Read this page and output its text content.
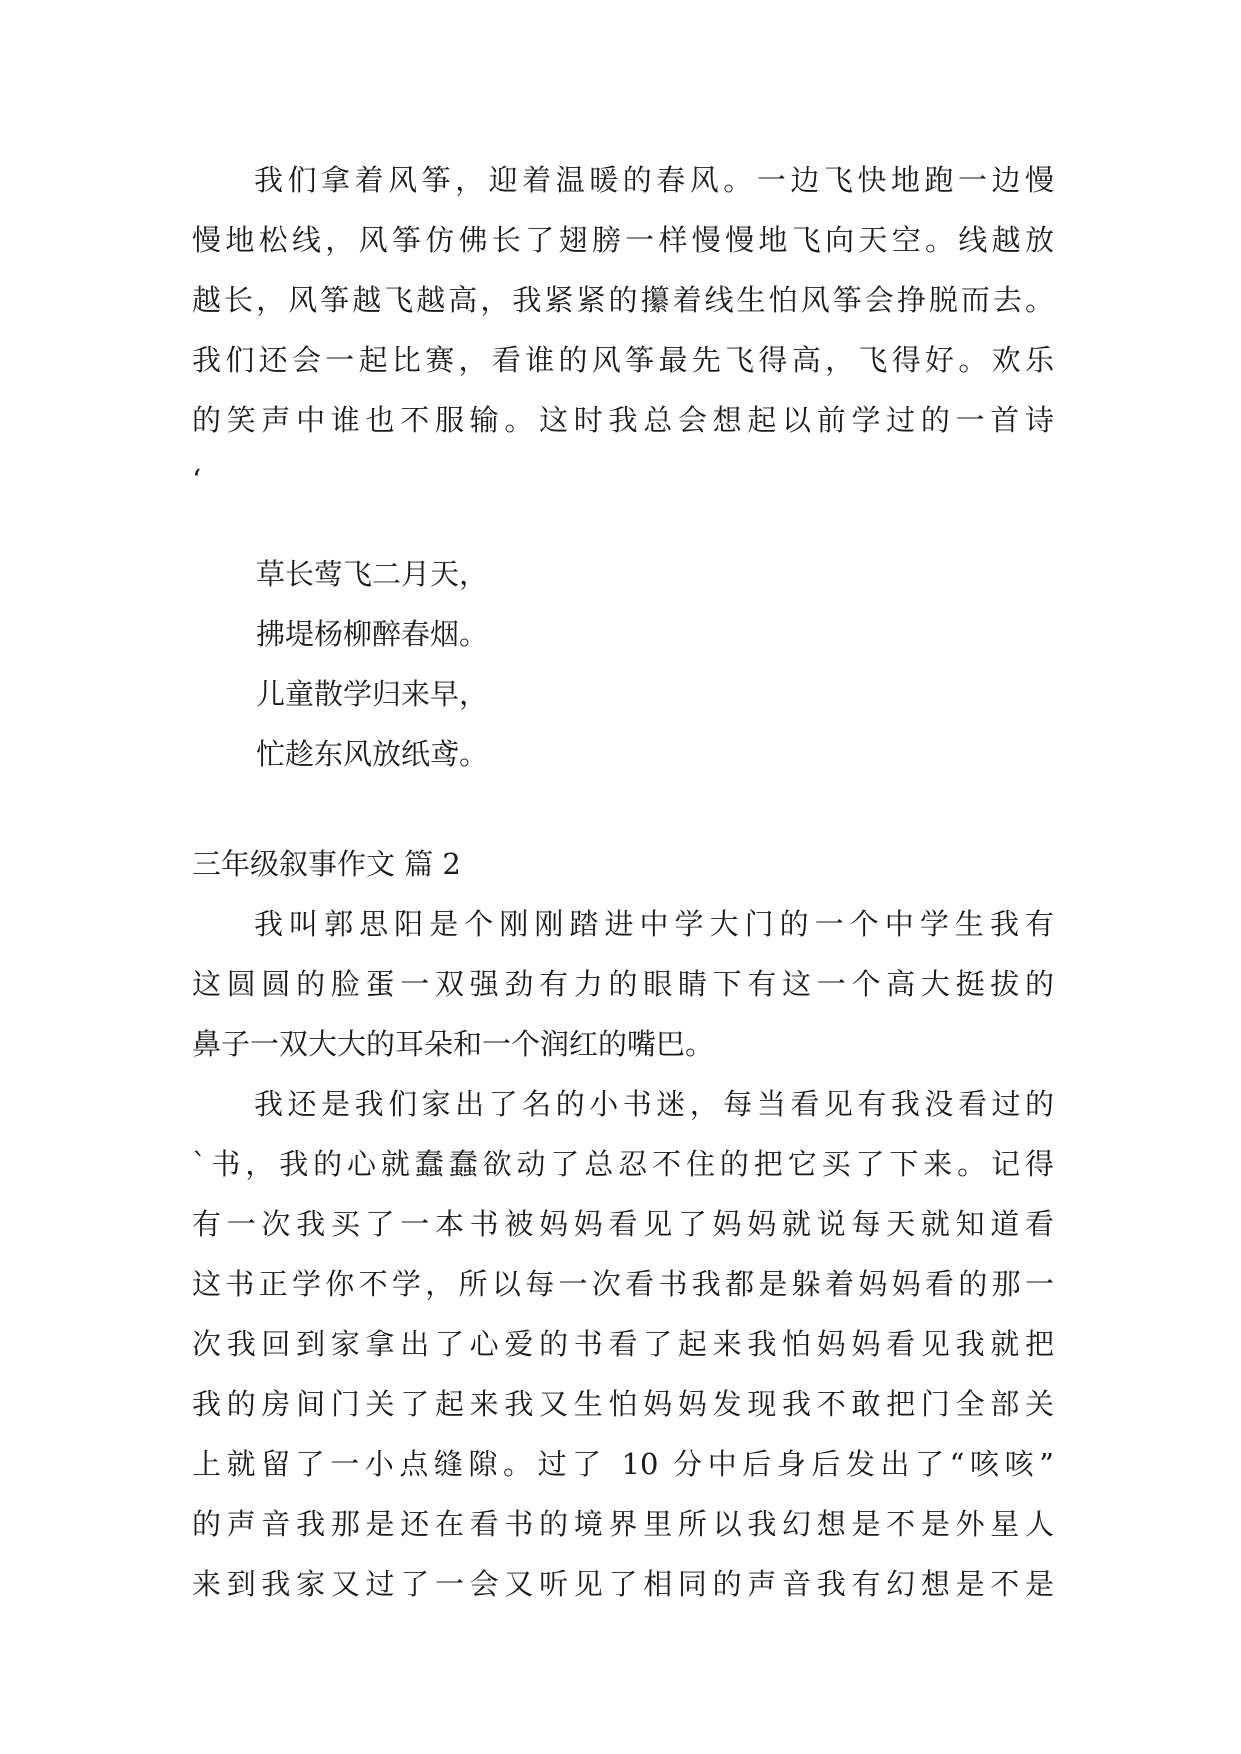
我们拿着风筝，迎着温暖的春风。一边飞快地跑一边慢
慢地松线，风筝仿佛长了翅膀一样慢慢地飞向天空。线越放
越长，风筝越飞越高，我紧紧的攥着线生怕风筝会挣脱而去。
我们还会一起比赛，看谁的风筝最先飞得高，飞得好。欢乐
的笑声中谁也不服输。这时我总会想起以前学过的一首诗
‘
草长莺飞二月天，
拂堤杨柳醉春烟。
儿童散学归来早，
忙趁东风放纸鸢。
三年级叙事作文 篇 2
我叫郭思阳是个刚刚踏进中学大门的一个中学生我有
这圆圆的脸蛋一双强劲有力的眼睛下有这一个高大挺拔的
鼻子一双大大的耳朵和一个润红的嘴巴。
我还是我们家出了名的小书迷，每当看见有我没看过的
`书，我的心就蠢蠢欲动了总忍不住的把它买了下来。记得
有一次我买了一本书被妈妈看见了妈妈就说每天就知道看
这书正学你不学，所以每一次看书我都是躲着妈妈看的那一
次我回到家拿出了心爱的书看了起来我怕妈妈看见我就把
我的房间门关了起来我又生怕妈妈发现我不敢把门全部关
上就留了一小点缝隙。过了 10 分中后身后发出了“咳咳”
的声音我那是还在看书的境界里所以我幻想是不是外星人
来到我家又过了一会又听见了相同的声音我有幻想是不是
